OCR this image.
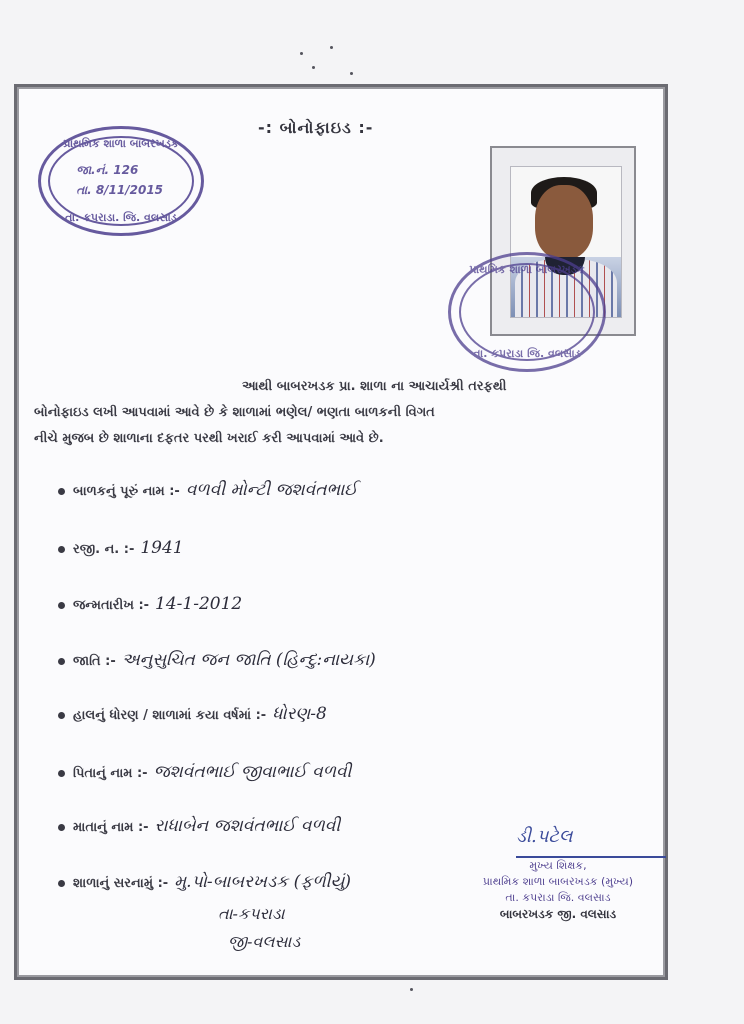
-: બોનોફાઇડ :-
પ્રાથમિક શાળા બાબરખડક
જા.નં. 126
તા. 8/11/2015
તા. કપરાડા. જિ. વલસાડ
પ્રાથમિક શાળા બાબરખડક
તા. કપરાડા જિ. વલસાડ
આથી બાબરખડક પ્રા. શાળા ના આચાર્યશ્રી તરફથી
બોનોફાઇડ લખી આપવામાં આવે છે કે શાળામાં ભણેલ/ ભણતા બાળકની વિગત
નીચે મુજબ છે શાળાના દફતર પરથી ખરાઈ કરી આપવામાં આવે છે.
બાળકનું પૂરું નામ :- વળવી મોન્ટી જશવંતભાઈ
રજી. ન. :- 1941
જન્મતારીખ :- 14-1-2012
જાતિ :- અનુસુચિત જન જાતિ (હિન્દુ:નાયકા)
હાલનું ધોરણ / શાળામાં કયા વર્ષમાં :- ધોરણ-8
પિતાનું નામ :- જશવંતભાઈ જીવાભાઈ વળવી
માતાનું નામ :- રાધાબેન જશવંતભાઈ વળવી
શાળાનું સરનામું :- મુ.પો-બાબરખડક (ફળીયું)
તા-કપરાડા
જી-વલસાડ
ડી.પટેલ
મુખ્ય શિક્ષક,
પ્રાથમિક શાળા બાબરખડક (મુખ્ય)
તા. કપરાડા જિ. વલસાડ
બાબરખડક જી. વલસાડ
